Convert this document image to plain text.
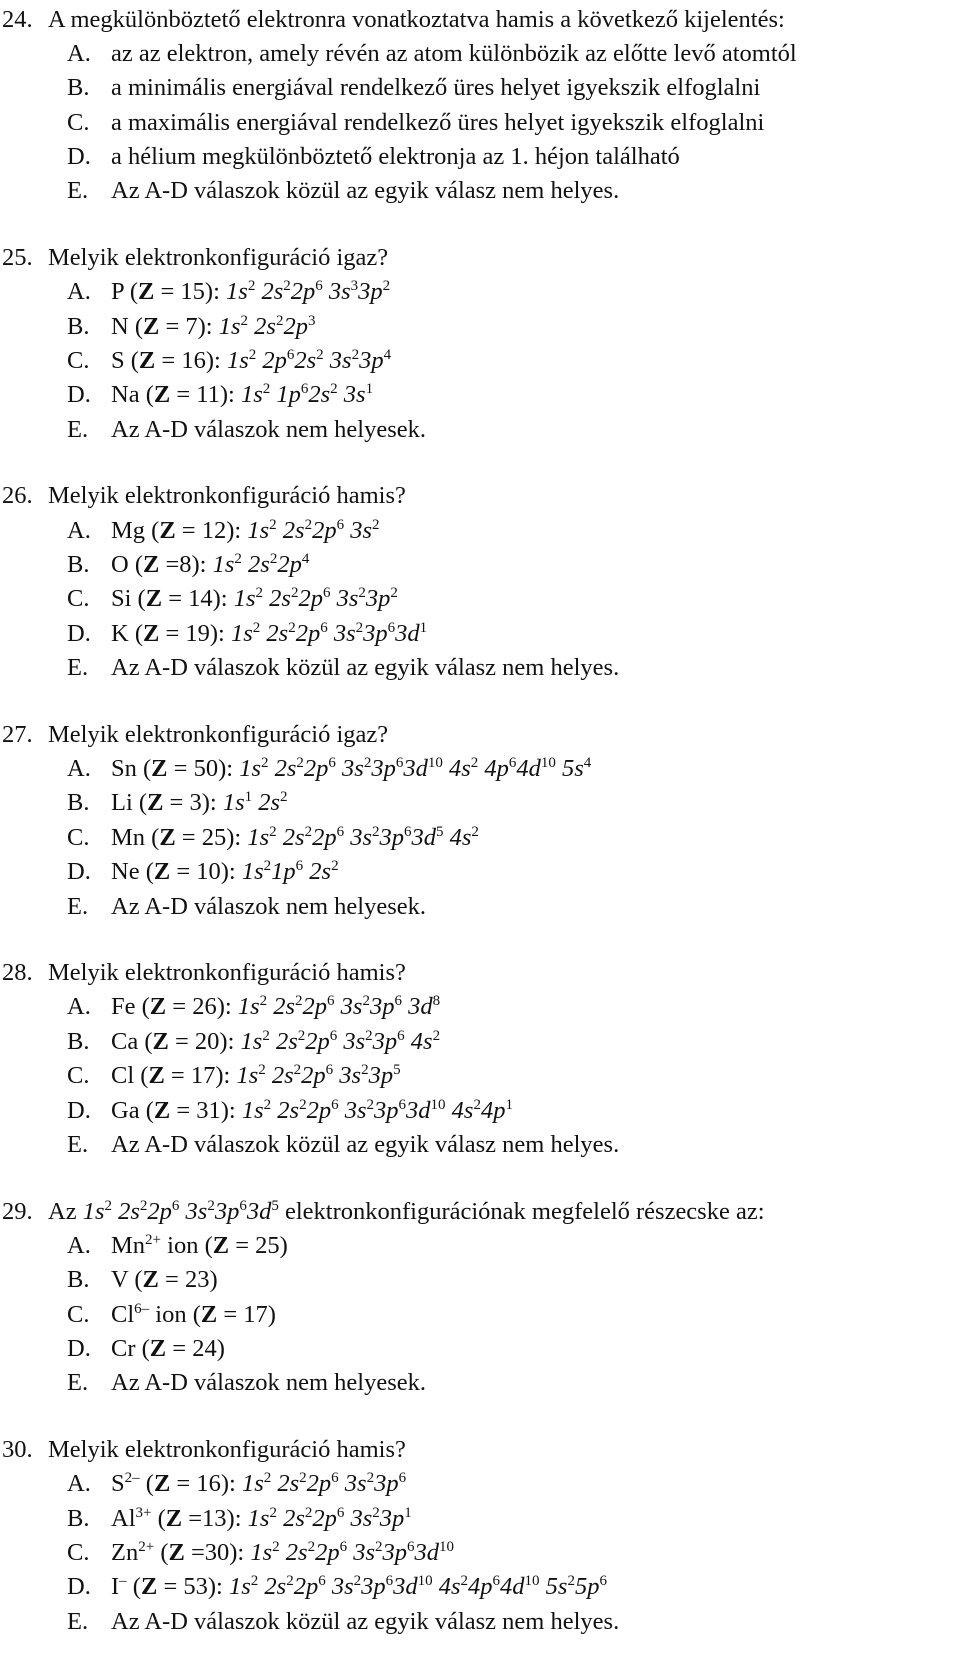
24. A megkülönböztető elektronra vonatkoztatva hamis a következő kijelentés:
A. az az elektron, amely révén az atom különbözik az előtte levő atomtól
B. a minimális energiával rendelkező üres helyet igyekszik elfoglalni
C. a maximális energiával rendelkező üres helyet igyekszik elfoglalni
D. a hélium megkülönböztető elektronja az 1. héjon található
E. Az A-D válaszok közül az egyik válasz nem helyes.
25. Melyik elektronkonfiguráció igaz?
A. P (Z = 15): $1s^2$ $2s^22p^6$ $3s^33p^2$
B. N (Z = 7): $1s^2$ $2s^22p^3$
C. S (Z = 16): $1s^2$ $2p^62s^2$ $3s^23p^4$
D. Na (Z = 11): $1s^2$ $1p^62s^2$ $3s^1$
E. Az A-D válaszok nem helyesek.
26. Melyik elektronkonfiguráció hamis?
A. Mg (Z = 12): $1s^2$ $2s^22p^6$ $3s^2$
B. O (Z =8): $1s^2$ $2s^22p^4$
C. Si (Z = 14): $1s^2$ $2s^22p^6$ $3s^23p^2$
D. K (Z = 19): $1s^2$ $2s^22p^6$ $3s^23p^63d^1$
E. Az A-D válaszok közül az egyik válasz nem helyes.
27. Melyik elektronkonfiguráció igaz?
A. Sn (Z = 50): $1s^2$ $2s^22p^6$ $3s^23p^63d^{10}$ $4s^2$ $4p^64d^{10}$ $5s^4$
B. Li (Z = 3): $1s^1$ $2s^2$
C. Mn (Z = 25): $1s^2$ $2s^22p^6$ $3s^23p^63d^5$ $4s^2$
D. Ne (Z = 10): $1s^21p^6$ $2s^2$
E. Az A-D válaszok nem helyesek.
28. Melyik elektronkonfiguráció hamis?
A. Fe (Z = 26): $1s^2$ $2s^22p^6$ $3s^23p^6$ $3d^8$
B. Ca (Z = 20): $1s^2$ $2s^22p^6$ $3s^23p^6$ $4s^2$
C. Cl (Z = 17): $1s^2$ $2s^22p^6$ $3s^23p^5$
D. Ga (Z = 31): $1s^2$ $2s^22p^6$ $3s^23p^63d^{10}$ $4s^24p^1$
E. Az A-D válaszok közül az egyik válasz nem helyes.
29. Az $1s^2$ $2s^22p^6$ $3s^23p^63d^5$ elektronkonfigurációnak megfelelő részecske az:
A. $Mn^{2+}$ ion (Z = 25)
B. V (Z = 23)
C. $Cl^{6-}$ ion (Z = 17)
D. Cr (Z = 24)
E. Az A-D válaszok nem helyesek.
30. Melyik elektronkonfiguráció hamis?
A. $S^{2-}$ (Z = 16): $1s^2$ $2s^22p^6$ $3s^23p^6$
B. $Al^{3+}$ (Z =13): $1s^2$ $2s^22p^6$ $3s^23p^1$
C. $Zn^{2+}$ (Z =30): $1s^2$ $2s^22p^6$ $3s^23p^63d^{10}$
D. I– (Z = 53): $1s^2$ $2s^22p^6$ $3s^23p^63d^{10}$ $4s^24p^64d^{10}$ $5s^25p^6$
E. Az A-D válaszok közül az egyik válasz nem helyes.
